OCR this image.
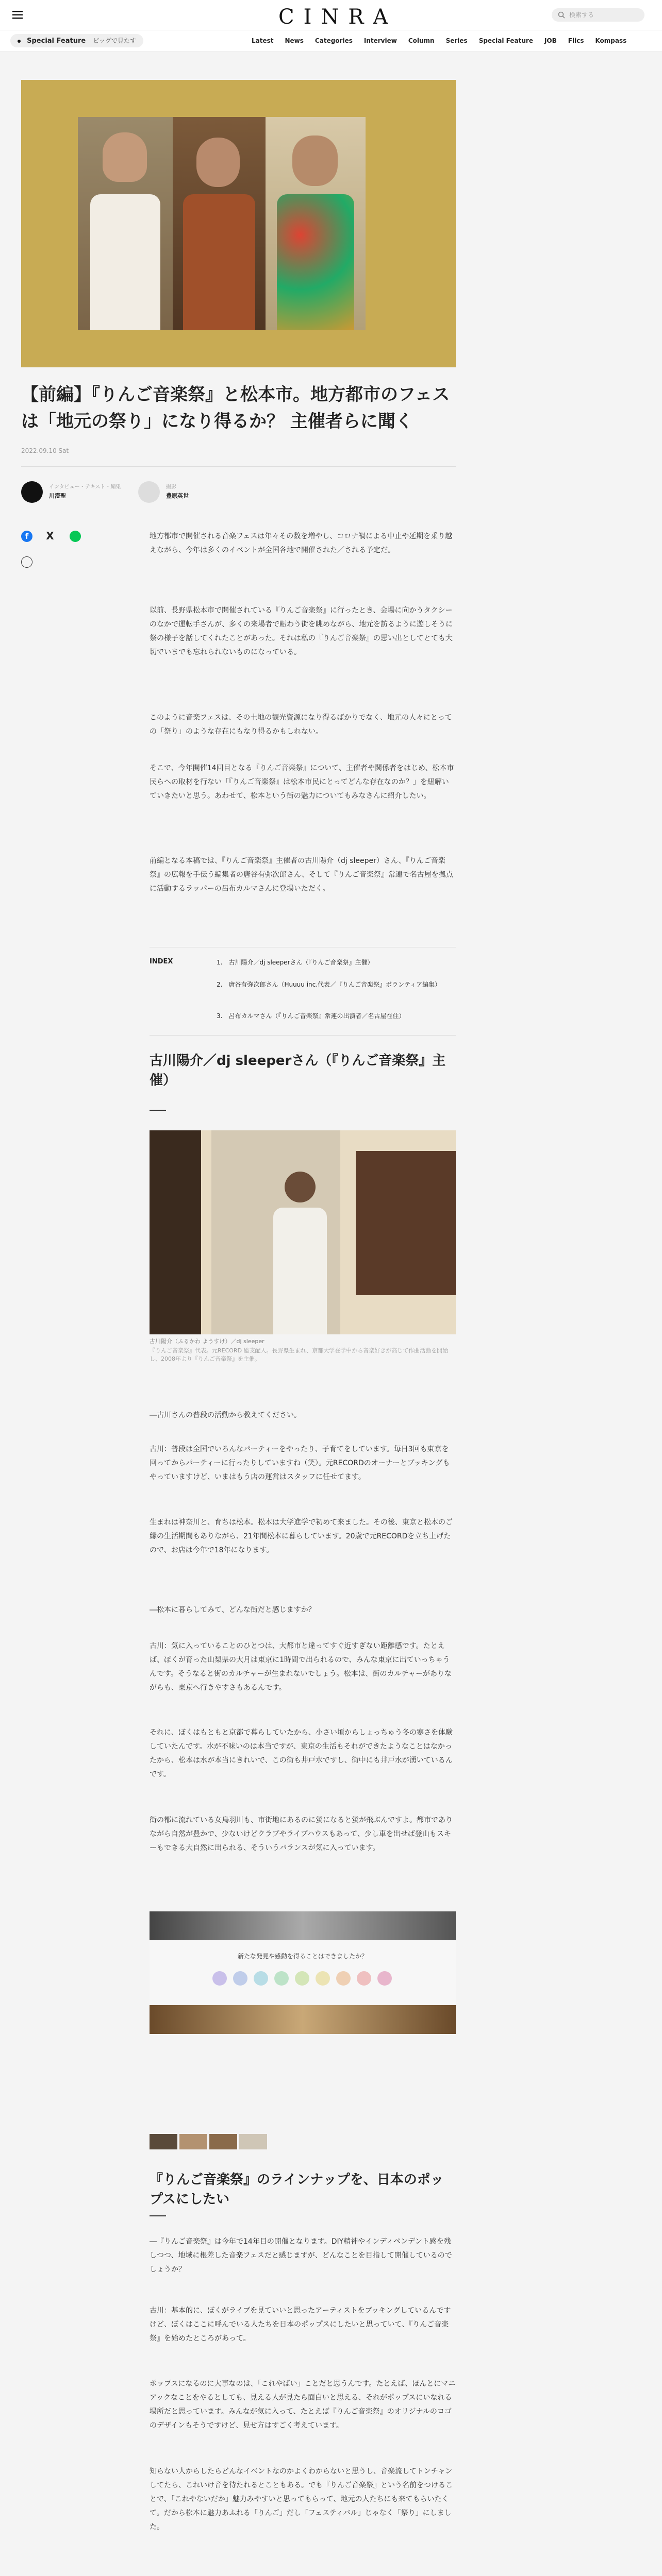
CINRA	検索する
Special Feature ビッグで見たす	Latest News Categories Interview Column Series Special Feature JOB Flics Kompass
【前編】『りんご音楽祭』と松本市。地方都市のフェスは「地元の祭り」になり得るか？ 主催者らに聞く
2022.09.10 Sat
インタビュー・テキスト・編集
川澄聖
撮影
豊原英世
f	X	地方都市で開催される音楽フェスは年々その数を増やし、コロナ禍による中止や延期を乗り越えながら、今年は多くのイベントが全国各地で開催された／される予定だ。
以前、長野県松本市で開催されている『りんご音楽祭』に行ったとき、会場に向かうタクシーのなかで運転手さんが、多くの来場者で賑わう街を眺めながら、地元を訪るように遊しそうに祭の様子を話してくれたことがあった。それは私の『りんご音楽祭』の思い出としてとても大切でいまでも忘れられないものになっている。
このように音楽フェスは、その土地の観光資源になり得るばかりでなく、地元の人々にとっての「祭り」のような存在にもなり得るかもしれない。
そこで、今年開催14回目となる『りんご音楽祭』について、主催者や関係者をはじめ、松本市民らへの取材を行ない「『りんご音楽祭』は松本市民にとってどんな存在なのか？」を紐解いていきたいと思う。あわせて、松本という街の魅力についてもみなさんに紹介したい。
前編となる本稿では、『りんご音楽祭』主催者の古川陽介（dj sleeper）さん、『りんご音楽祭』の広報を手伝う編集者の唐谷有弥次郎さん、そして『りんご音楽祭』常連で名古屋を拠点に活動するラッパーの呂布カルマさんに登場いただく。
INDEX	1.　古川陽介／dj sleeperさん（『りんご音楽祭』主催）
2.　唐谷有弥次郎さん（Huuuu inc.代表／『りんご音楽祭』ボランティア編集）
3.　呂布カルマさん（『りんご音楽祭』常連の出演者／名古屋在住）
古川陽介／dj sleeperさん（『りんご音楽祭』主催）
古川陽介（ふるかわ ようすけ）／dj sleeper
『りんご音楽祭』代表。元RECORD 総支配人。長野県生まれ、京都大学在学中から音楽好きが高じて作曲活動を開始し、2008年より『りんご音楽祭』を主催。
―古川さんの普段の活動から教えてください。
古川：普段は全国でいろんなパーティーをやったり、子育てをしています。毎日3回も東京を回ってからパーティーに行ったりしていますね（笑）。元RECORDのオーナーとブッキングもやっていますけど、いまはもう店の運営はスタッフに任せてます。
生まれは神奈川と、育ちは松本。松本は大学進学で初めて来ました。その後、東京と松本のご縁の生活期間もありながら、21年間松本に暮らしています。20歳で元RECORDを立ち上げたので、お店は今年で18年になります。
―松本に暮らしてみて、どんな街だと感じますか？
古川：気に入っていることのひとつは、大都市と違ってすぐ近すぎない距離感です。たとえば、ぼくが育った山梨県の大月は東京に1時間で出られるので、みんな東京に出ていっちゃうんです。そうなると街のカルチャーが生まれないでしょう。松本は、街のカルチャーがありながらも、東京へ行きやすさもあるんです。
それに、ぼくはもともと京都で暮らしていたから、小さい頃からしょっちゅう冬の寒さを体験していたんです。水が不味いのは本当ですが、東京の生活もそれができたようなことはなかったから、松本は水が本当にきれいで、この街も井戸水ですし、街中にも井戸水が湧いているんです。
街の都に流れている女鳥羽川も、市街地にあるのに蛍になると蛍が飛ぶんですよ。都市でありながら自然が豊かで、少ないけどクラブやライブハウスもあって、少し車を出せば登山もスキーもできる大自然に出られる、そういうバランスが気に入っています。
新たな発見や感動を得ることはできましたか？
『りんご音楽祭』のラインナップを、日本のポップスにしたい
―『りんご音楽祭』は今年で14年目の開催となります。DIY精神やインディペンデント感を残しつつ、地域に根差した音楽フェスだと感じますが、どんなことを目指して開催しているのでしょうか？
古川：基本的に、ぼくがライブを見ていいと思ったアーティストをブッキングしているんですけど、ぼくはここに呼んでいる人たちを日本のポップスにしたいと思っていて、『りんご音楽祭』を始めたところがあって。
ポップスになるのに大事なのは、「これやばい」ことだと思うんです。たとえば、ほんとにマニアックなことをやるとしても、見える人が見たら面白いと思える、それがポップスにいなれる場所だと思っています。みんなが気に入って、たとえば『りんご音楽祭』のオリジナルのロゴのデザインもそうですけど、見せ方はすごく考えています。
知らない人からしたらどんなイベントなのかよくわからないと思うし、音楽流してトンチャンしてたら、これいけ音を待たれるとこともある。でも『りんご音楽祭』という名前をつけることで、「これやないだか」魅力みやすいと思ってもらって、地元の人たちにも来てもらいたくて。だから松本に魅力あふれる「りんご」だし「フェスティバル」じゃなく「祭り」にしました。
